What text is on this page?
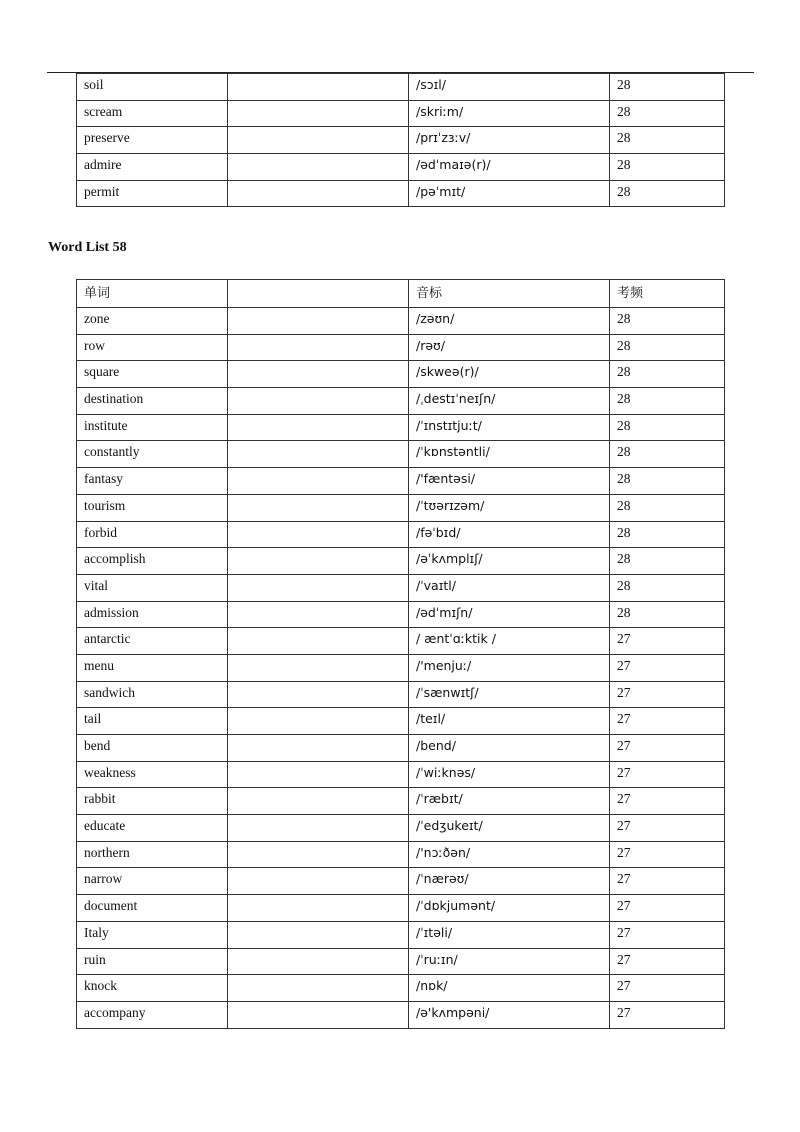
soil		/sɔɪl/	28
scream		/skriːm/	28
preserve		/prɪˈzɜːv/	28
admire		/ədˈmaɪə(r)/	28
permit		/pəˈmɪt/	28
Word List 58
单词		音标	考频
zone		/zəʊn/	28
row		/rəʊ/	28
square		/skweə(r)/	28
destination		/ˌdestɪˈneɪʃn/	28
institute		/ˈɪnstɪtjuːt/	28
constantly		/ˈkɒnstəntli/	28
fantasy		/'fæntəsi/	28
tourism		/ˈtʊərɪzəm/	28
forbid		/fəˈbɪd/	28
accomplish		/əˈkʌmplɪʃ/	28
vital		/ˈvaɪtl/	28
admission		/ədˈmɪʃn/	28
antarctic		/ æntˈɑːktik /	27
menu		/'menjuː/	27
sandwich		/ˈsænwɪtʃ/	27
tail		/teɪl/	27
bend		/bend/	27
weakness		/ˈwiːknəs/	27
rabbit		/ˈræbɪt/	27
educate		/ˈedʒukeɪt/	27
northern		/'nɔːðən/	27
narrow		/ˈnærəʊ/	27
document		/ˈdɒkjumənt/	27
Italy		/ˈɪtəli/	27
ruin		/ˈruːɪn/	27
knock		/nɒk/	27
accompany		/ə'kʌmpəni/	27
